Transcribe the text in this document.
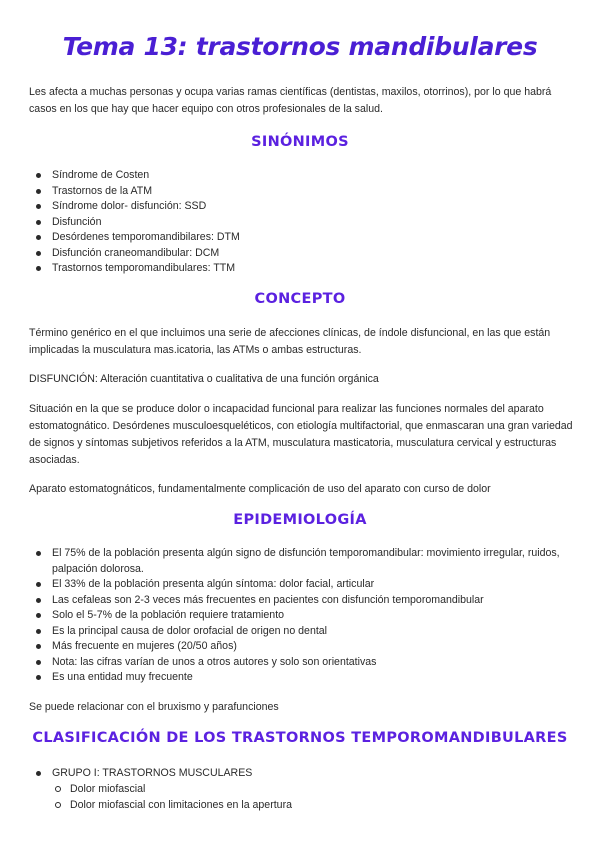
Tema 13: trastornos mandibulares

Les afecta a muchas personas y ocupa varias ramas científicas (dentistas, maxilos, otorrinos), por lo que habrá casos en los que hay que hacer equipo con otros profesionales de la salud.

SINÓNIMOS
Síndrome de Costen
Trastornos de la ATM
Síndrome dolor- disfunción: SSD
Disfunción
Desórdenes temporomandibilares: DTM
Disfunción craneomandibular: DCM
Trastornos temporomandibulares: TTM
CONCEPTO

Término genérico en el que incluimos una serie de afecciones clínicas, de índole disfuncional, en las que están implicadas la musculatura mas.icatoria, las ATMs o ambas estructuras.

DISFUNCIÓN: Alteración cuantitativa o cualitativa de una función orgánica

Situación en la que se produce dolor o incapacidad funcional para realizar las funciones normales del aparato estomatognático. Desórdenes musculoesqueléticos, con etiología multifactorial, que enmascaran una gran variedad de signos y síntomas subjetivos referidos a la ATM, musculatura masticatoria, musculatura cervical y estructuras asociadas.

Aparato estomatognáticos, fundamentalmente complicación de uso del aparato con curso de dolor

EPIDEMIOLOGÍA
El 75% de la población presenta algún signo de disfunción temporomandibular: movimiento irregular, ruidos, palpación dolorosa.
El 33% de la población presenta algún síntoma: dolor facial, articular
Las cefaleas son 2-3 veces más frecuentes en pacientes con disfunción temporomandibular
Solo el 5-7% de la población requiere tratamiento
Es la principal causa de dolor orofacial de origen no dental
Más frecuente en mujeres (20/50 años)
Nota: las cifras varían de unos a otros autores y solo son orientativas
Es una entidad muy frecuente

Se puede relacionar con el bruxismo y parafunciones

CLASIFICACIÓN DE LOS TRASTORNOS TEMPOROMANDIBULARES
GRUPO I: TRASTORNOS MUSCULARES
Dolor miofascial
Dolor miofascial con limitaciones en la apertura
